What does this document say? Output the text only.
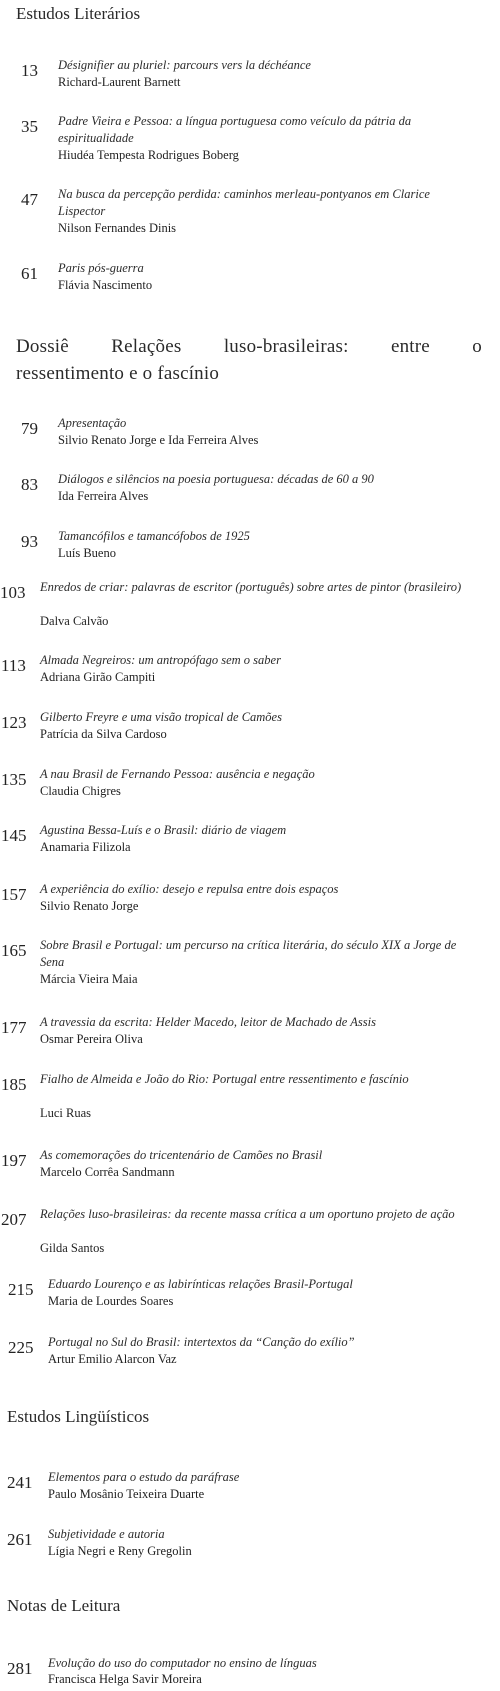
Estudos Literários
Dossiê Relações luso-brasileiras: entre o
ressentimento e o fascínio
Estudos Lingüísticos
Notas de Leitura
13 Désignifier au pluriel: parcours vers la déchéance
Richard-Laurent Barnett
35 Padre Vieira e Pessoa: a língua portuguesa como veículo da pátria da espiritualidade
Hiudéa Tempesta Rodrigues Boberg
47 Na busca da percepção perdida: caminhos merleau-pontyanos em Clarice Lispector
Nilson Fernandes Dinis
61 Paris pós-guerra
Flávia Nascimento
79 Apresentação
Silvio Renato Jorge e Ida Ferreira Alves
83 Diálogos e silêncios na poesia portuguesa: décadas de 60 a 90
Ida Ferreira Alves
93 Tamancófilos e tamancófobos de 1925
Luís Bueno
103 Enredos de criar: palavras de escritor (português) sobre artes de pintor (brasileiro)
Dalva Calvão
113 Almada Negreiros: um antropófago sem o saber
Adriana Girão Campiti
123 Gilberto Freyre e uma visão tropical de Camões
Patrícia da Silva Cardoso
135 A nau Brasil de Fernando Pessoa: ausência e negação
Claudia Chigres
145 Agustina Bessa-Luís e o Brasil: diário de viagem
Anamaria Filizola
157 A experiência do exílio: desejo e repulsa entre dois espaços
Silvio Renato Jorge
165 Sobre Brasil e Portugal: um percurso na crítica literária, do século XIX a Jorge de Sena
Márcia Vieira Maia
177 A travessia da escrita: Helder Macedo, leitor de Machado de Assis
Osmar Pereira Oliva
185 Fialho de Almeida e João do Rio: Portugal entre ressentimento e fascínio
Luci Ruas
197 As comemorações do tricentenário de Camões no Brasil
Marcelo Corrêa Sandmann
207 Relações luso-brasileiras: da recente massa crítica a um oportuno projeto de ação
Gilda Santos
215 Eduardo Lourenço e as labirínticas relações Brasil-Portugal
Maria de Lourdes Soares
225 Portugal no Sul do Brasil: intertextos da “Canção do exílio”
Artur Emilio Alarcon Vaz
241 Elementos para o estudo da paráfrase
Paulo Mosânio Teixeira Duarte
261 Subjetividade e autoria
Lígia Negri e Reny Gregolin
281 Evolução do uso do computador no ensino de línguas
Francisca Helga Savir Moreira
